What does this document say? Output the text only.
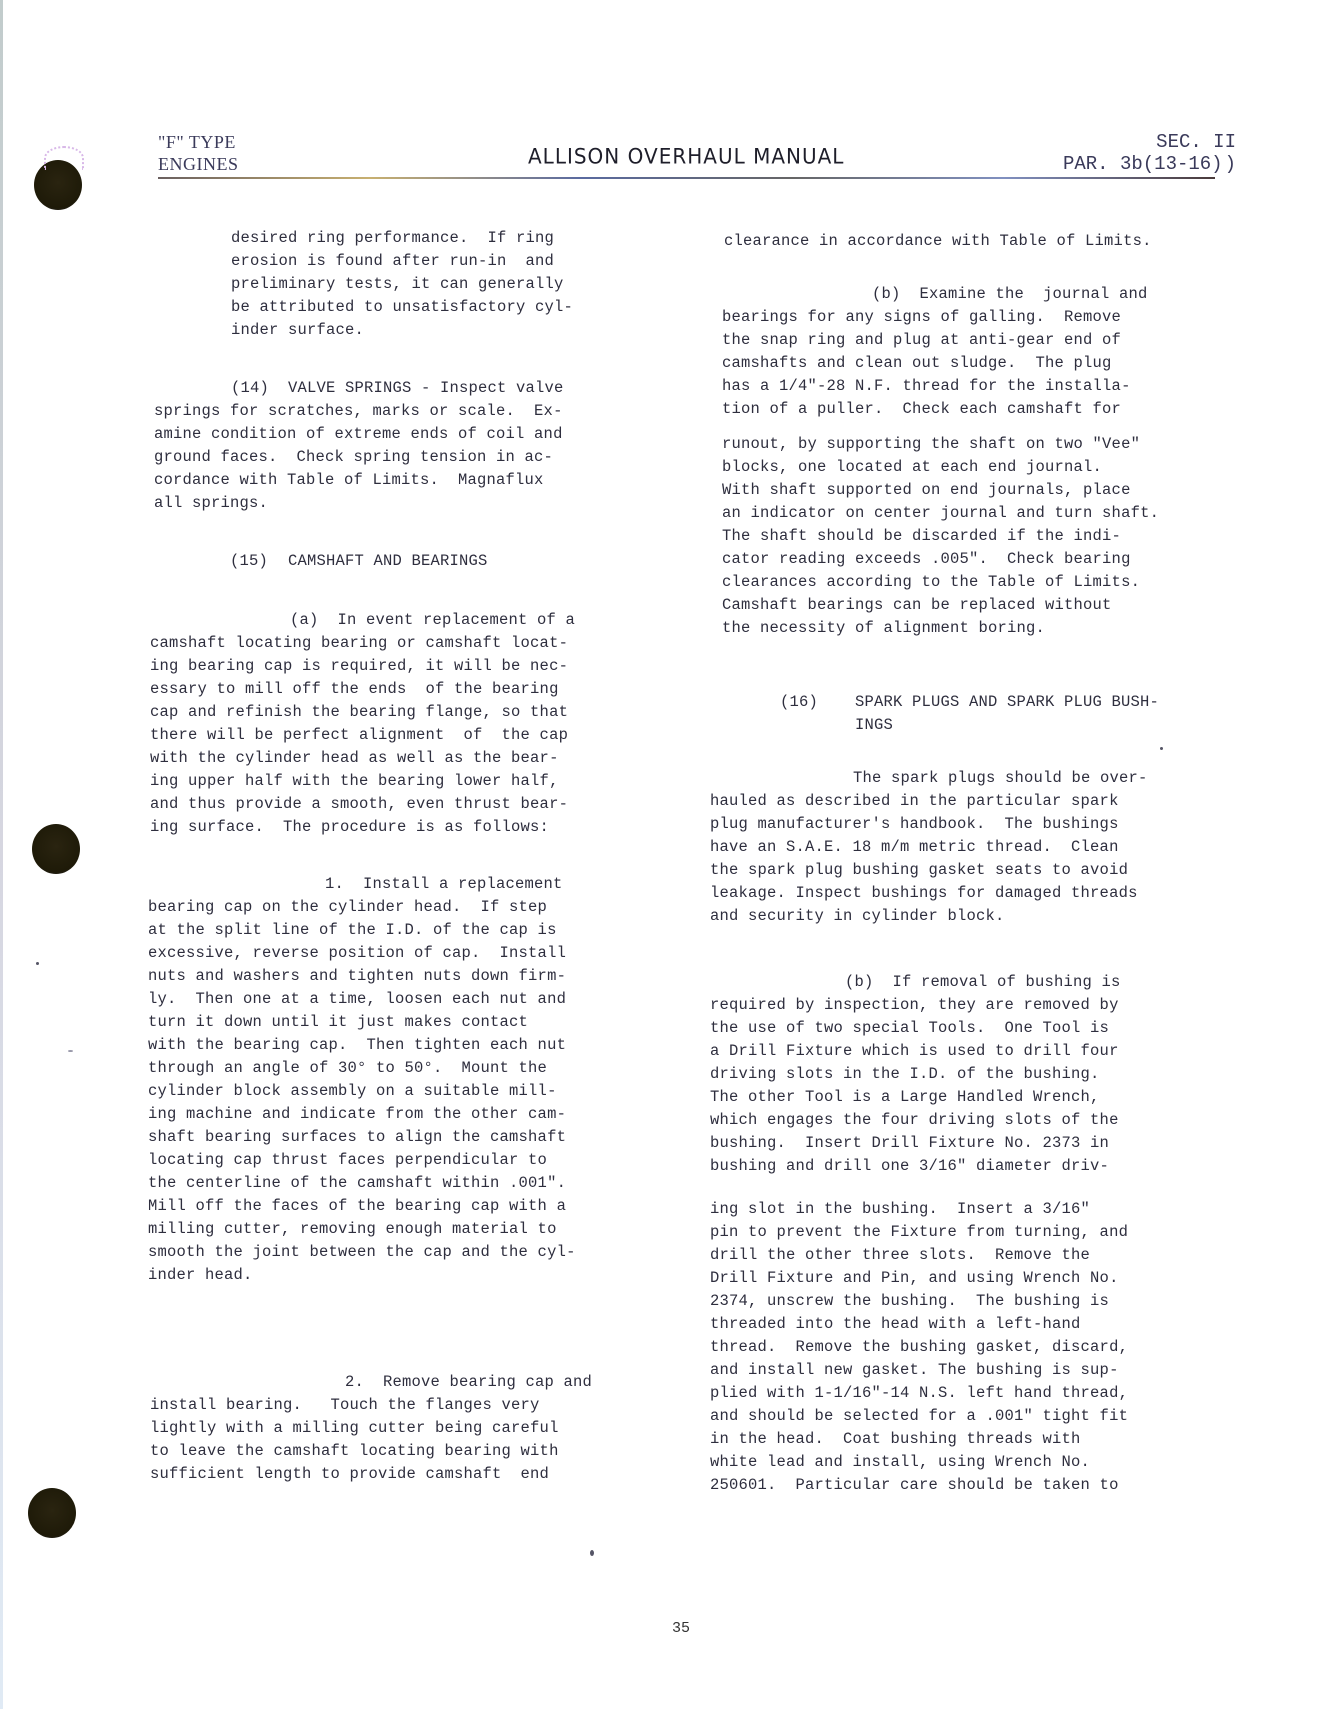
"F" TYPE
ENGINES	ALLISON OVERHAUL MANUAL
SEC. II
PAR. 3b(13-16) )
desired ring performance.  If ring
erosion is found after run-in  and
preliminary tests, it can generally
be attributed to unsatisfactory cyl-
inder surface.
(14)  VALVE SPRINGS - Inspect valve
springs for scratches, marks or scale.  Ex-
amine condition of extreme ends of coil and
ground faces.  Check spring tension in ac-
cordance with Table of Limits.  Magnaflux
all springs.
(15) CAMSHAFT AND BEARINGS
(a)  In event replacement of a
camshaft locating bearing or camshaft locat-
ing bearing cap is required, it will be nec-
essary to mill off the ends  of the bearing
cap and refinish the bearing flange, so that
there will be perfect alignment  of  the cap
with the cylinder head as well as the bear-
ing upper half with the bearing lower half,
and thus provide a smooth, even thrust bear-
ing surface.  The procedure is as follows:
1.  Install a replacement
bearing cap on the cylinder head.  If step
at the split line of the I.D. of the cap is
excessive, reverse position of cap.  Install
nuts and washers and tighten nuts down firm-
ly.  Then one at a time, loosen each nut and
turn it down until it just makes contact
with the bearing cap.  Then tighten each nut
through an angle of 30° to 50°.  Mount the
cylinder block assembly on a suitable mill-
ing machine and indicate from the other cam-
shaft bearing surfaces to align the camshaft
locating cap thrust faces perpendicular to
the centerline of the camshaft within .001".
Mill off the faces of the bearing cap with a
milling cutter, removing enough material to
smooth the joint between the cap and the cyl-
inder head.
2.  Remove bearing cap and
install bearing.   Touch the flanges very
lightly with a milling cutter being careful
to leave the camshaft locating bearing with
sufficient length to provide camshaft  end
clearance in accordance with Table of Limits.
(b)  Examine the  journal and
bearings for any signs of galling.  Remove
the snap ring and plug at anti-gear end of
camshafts and clean out sludge.  The plug
has a 1/4"-28 N.F. thread for the installa-
tion of a puller.  Check each camshaft for
runout, by supporting the shaft on two "Vee"
blocks, one located at each end journal.
With shaft supported on end journals, place
an indicator on center journal and turn shaft.
The shaft should be discarded if the indi-
cator reading exceeds .005".  Check bearing
clearances according to the Table of Limits.
Camshaft bearings can be replaced without
the necessity of alignment boring.
(16) SPARK PLUGS AND SPARK PLUG BUSH-
INGS
The spark plugs should be over-
hauled as described in the particular spark
plug manufacturer's handbook.  The bushings
have an S.A.E. 18 m/m metric thread.  Clean
the spark plug bushing gasket seats to avoid
leakage. Inspect bushings for damaged threads
and security in cylinder block.
(b)  If removal of bushing is
required by inspection, they are removed by
the use of two special Tools.  One Tool is
a Drill Fixture which is used to drill four
driving slots in the I.D. of the bushing.
The other Tool is a Large Handled Wrench,
which engages the four driving slots of the
bushing.  Insert Drill Fixture No. 2373 in
bushing and drill one 3/16" diameter driv-
ing slot in the bushing.  Insert a 3/16"
pin to prevent the Fixture from turning, and
drill the other three slots.  Remove the
Drill Fixture and Pin, and using Wrench No.
2374, unscrew the bushing.  The bushing is
threaded into the head with a left-hand
thread.  Remove the bushing gasket, discard,
and install new gasket. The bushing is sup-
plied with 1-1/16"-14 N.S. left hand thread,
and should be selected for a .001" tight fit
in the head.  Coat bushing threads with
white lead and install, using Wrench No.
250601.  Particular care should be taken to
35
